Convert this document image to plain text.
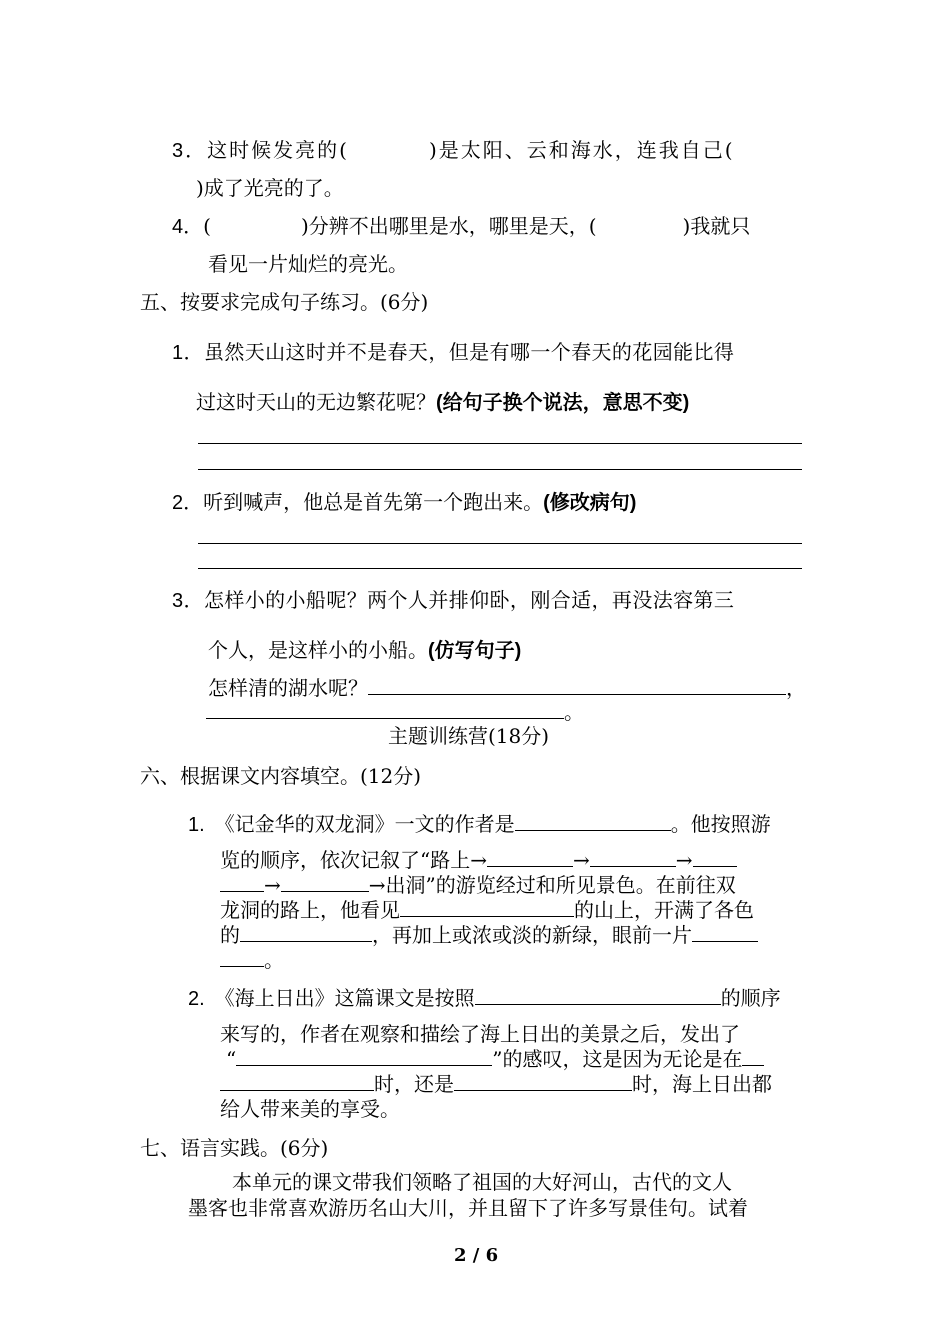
3．这时候发亮的(	)是太阳、云和海水，连我自己(
)成了光亮的了。
4．(	)分辨不出哪里是水，哪里是天，(	)我就只
看见一片灿烂的亮光。
五、按要求完成句子练习。(6分)
1．虽然天山这时并不是春天，但是有哪一个春天的花园能比得
过这时天山的无边繁花呢？(给句子换个说法，意思不变)
2．听到喊声，他总是首先第一个跑出来。(修改病句)
3．怎样小的小船呢？两个人并排仰卧，刚合适，再没法容第三
个人，是这样小的小船。(仿写句子)
怎样清的湖水呢？	，
。
主题训练营(18分)
六、根据课文内容填空。(12分)
1. 《记金华的双龙洞》一文的作者是	。他按照游
览的顺序，依次记叙了“路上→	→	→
→	→出洞”的游览经过和所见景色。在前往双
龙洞的路上，他看见	的山上，开满了各色
的	，再加上或浓或淡的新绿，眼前一片
。
2. 《海上日出》这篇课文是按照	的顺序
来写的，作者在观察和描绘了海上日出的美景之后，发出了
“	”的感叹，这是因为无论是在
时，还是	时，海上日出都
给人带来美的享受。
七、语言实践。(6分)
本单元的课文带我们领略了祖国的大好河山，古代的文人
墨客也非常喜欢游历名山大川，并且留下了许多写景佳句。试着
2 / 6
